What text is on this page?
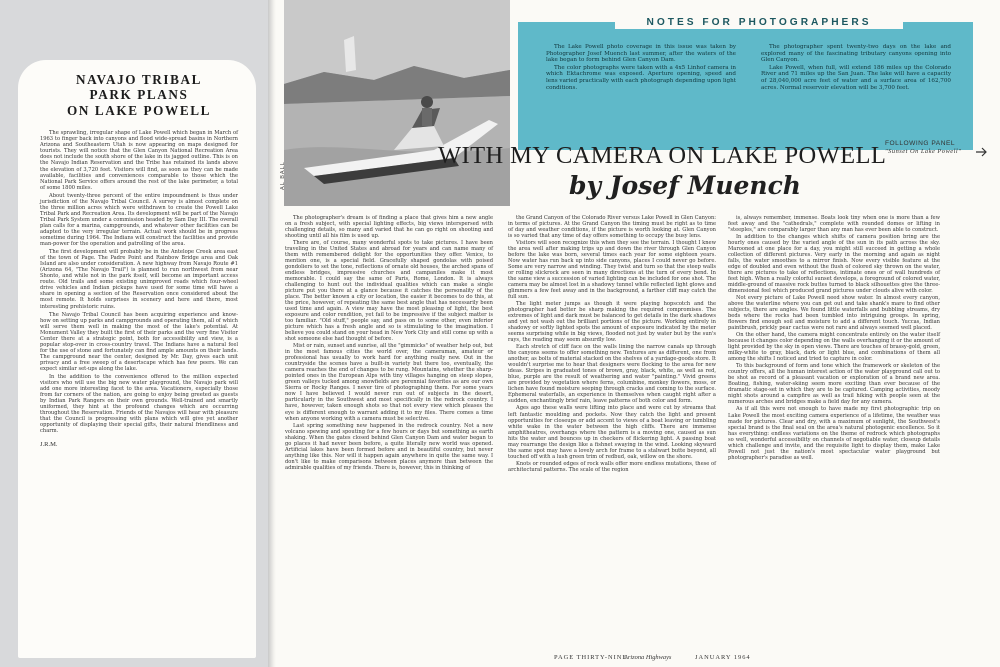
NAVAJO TRIBAL
PARK PLANS
ON LAKE POWELL

The sprawling, irregular shape of Lake Powell which began in March of 1963 to finger back into canyons and flood wide-spread basins in Northern Arizona and Southeastern Utah is now appearing on maps designed for tourists. They will notice that the Glen Canyon National Recreation Area does not include the south shore of the lake in its jagged outline. This is on the Navajo Indian Reservation and the Tribe has retained its lands above the elevation of 3,720 feet. Visitors will find, as soon as they can be made available, facilities and conveniences comparable to those which the National Park Service offers around the rest of the lake perimeter, a total of some 1800 miles.

About twenty-three percent of the entire impoundment is thus under jurisdiction of the Navajo Tribal Council. A survey is almost complete on the three million acres which were withdrawn to create the Powell Lake Tribal Park and Recreation Area. Its development will be part of the Navajo Tribal Park System under a commission headed by Sam Day III. The overall plan calls for a marina, campgrounds, and whatever other facilities can be adapted to the very irregular terrain. Actual work should be in progress sometime during 1964. The Indians will construct the facilities and provide man-power for the operation and patrolling of the area.

The first development will probably be in the Antelope Creek area east of the town of Page. The Padre Point and Rainbow Bridge area and Oak Island are also under consideration. A new highway from Navajo Route #1 (Arizona 64, "The Navajo Trail") is planned to run northwest from near Shonto, and while not in the park itself, will become an important access route. Old trails and some existing unimproved roads which four-wheel drive vehicles and Indian pickups have used for some time will have a share in opening a section of the Reservation once considered about the most remote. It holds surprises in scenery and here and there, most interesting prehistoric ruins.

The Navajo Tribal Council has been acquiring experience and know-how on setting up parks and campgrounds and operating them, all of which will serve them well in making the most of the lake's potential. At Monument Valley they built the first of their parks and the very fine Visitor Center there at a strategic point, both for accessibility and view, is a popular stop-over in cross-country travel. The Indians have a natural feel for the use of stone and fortunately can find ample amounts on their lands. The campground near the center, designed by Mr. Day, gives each unit privacy and a free sweep of a desertscape which has few peers. We can expect similar set-ups along the lake.

In the addition to the convenience offered to the million expected visitors who will use the big new water playground, the Navajo park will add one more interesting facet to the area. Vacationers, especially those from far corners of the nation, are going to enjoy being greeted as guests by Indian Park Rangers on their own grounds. Well-trained and smartly uniformed, they hint at the profound changes which are occurring throughout the Reservation. Friends of the Navajos will hear with pleasure that the Council is progressing with plans which will give yet another opportunity of displaying their special gifts, their natural friendliness and charm.

J.R.M.
AL BALL
NOTES FOR PHOTOGRAPHERS

The Lake Powell photo coverage in this issue was taken by Photographer Josef Muench last summer, after the waters of the lake began to form behind Glen Canyon Dam.

The color photographs were taken with a 4x5 Linhof camera in which Ektachrome was exposed. Aperture opening, speed and lens varied practically with each photograph depending upon light conditions.

The photographer spent twenty-two days on the lake and explored many of the fascinating tributary canyons opening into Glen Canyon.

Lake Powell, when full, will extend 186 miles up the Colorado River and 71 miles up the San Juan. The lake will have a capacity of 28,040,000 acre feet of water and a surface area of 162,700 acres. Normal reservoir elevation will be 3,700 feet.

FOLLOWING PANEL
"Sunset On Lake Powell"
WITH MY CAMERA ON LAKE POWELL
by Josef Muench

The photographer's dream is of finding a place that gives him a new angle on a fresh subject, with special lighting effects, big views interspersed with challenging details, so many and varied that he can go right on shooting and shooting until all his film is used up.

There are, of course, many wonderful spots to take pictures. I have been traveling in the United States and abroad for years and can name many of them with remembered delight for the opportunities they offer. Venice, to mention one, is a special field. Gracefully shaped gondolas with poised gondoliers to set the tone, reflections of ornate old houses, the arched spans of endless bridges, impressive churches and campaniles make it most memorable. I could say the same of Paris, Rome, London. It is always challenging to hunt out the individual qualities which can make a single picture put you there at a glance because it catches the personality of the place. The better known a city or location, the easier it becomes to do this, at the price, however, of repeating the same best angle that has necessarily been used time and again. A view may have the most pleasing of light, the best exposure and color rendition, yet fail to be impressive if the subject matter is too familiar. "Old stuff," people say, and pass on to some other, even inferior picture which has a fresh angle and so is stimulating to the imagination. I believe you could stand on your head in New York City and still come up with a shot someone else had thought of before.

Mist or rain, sunset and sunrise, all the "gimmicks" of weather help out, but in the most famous cities the world over, the cameraman, amateur or professional has usually to work hard for anything really new. Out in the countryside the scenes have a built-in variety but there too, eventually, the camera reaches the end of changes to be rung. Mountains, whether the sharp-pointed ones in the European Alps with tiny villages hanging on steep slopes, green valleys tucked among snowfields are perennial favorites as are our own Sierra or Rocky Ranges. I never tire of photographing them. For some years now I have believed I would never run out of subjects in the desert, particularly in the Southwest and most specifically in the redrock country. I have, however, taken enough shots so that not every view which pleases the eye is different enough to warrant adding it to my files. There comes a time when anyone working with a camera must be selective.

Last spring something new happened in the redrock country. Not a new volcano spewing and spouting for a few hours or days but something as earth shaking. When the gates closed behind Glen Canyon Dam and water began to go places it had never been before, a quite literally new world was opened. Artificial lakes have been formed before and in beautiful country, but never anything like this. Nor will it happen again anywhere in quite the same way. I don't like to make comparisons between places anymore than between the admirable qualities of my friends. There is, however, this in thinking of

the Grand Canyon of the Colorado River versus Lake Powell in Glen Canyon: in terms of pictures. At the Grand Canyon the timing must be right as to time of day and weather conditions, if the picture is worth looking at. Glen Canyon is so varied that any time of day offers something to occupy the busy lens.

Visitors will soon recognize this when they see the terrain. I thought I knew the area well after making trips up and down the river through Glen Canyon before the lake was born, several times each year for some eighteen years. Now water has run back up into side canyons, places I could never go before. Some are very narrow and winding. They twist and turn so that the steep walls or rolling slickrock are seen in many directions at the turn of every bend. In the same view a succession of varied lighting can be included for one shot. The camera may be almost lost in a shadowy tunnel while reflected light glows and glimmers a few feet away and in the background, a farther cliff may catch the full sun.

The light meter jumps as though it were playing hopscotch and the photographer had better be sharp making the required compromises. The extremes of light and dark must be balanced to get details in the dark shadows and yet not wash out the brilliant portions of the picture. Working entirely in shadowy or softly lighted spots the amount of exposure indicated by the meter seems surprising while in big views, flooded not just by water but by the sun's rays, the reading may seem absurdly low.

Each stretch of cliff face on the walls lining the narrow canals up through the canyons seems to offer something new. Textures are as different, one from another, as bolts of material stacked on the shelves of a yardage-goods store. It wouldn't surprise me to hear that designers were flocking to the area for new ideas. Stripes in graduated tones of brown, gray, black, white, as well as red, blue, purple are the result of weathering and water "painting." Vivid greens are provided by vegetation where ferns, columbine, monkey flowers, moss, or lichen have found moisture seeping through cracks and coming to the surface. Ephemeral waterfalls, an experience in themselves when caught right after a sudden, enchantingly brief rain, leave patterns of both color and form.

Ages ago these walls were lifting into place and were cut by streams that left fantastic moulding and pockets. Now they catch the light and present opportunities for closeups or add accent to views of a boat leaving or tumbling white wake in the water between the high cliffs. There are immense amphitheatres, overhangs where the pattern is a moving one, caused as sun hits the water and bounces up in checkers of flickering light. A passing boat may rearrange the design like a fishnet swaying in the wind. Looking skyward the same spot may have a lovely arch for frame to a stalwart butte beyond, all touched off with a lush green trim of redbud, oak, willow on the shore.

Knots or rounded edges of rock walls offer more endless mutations, these of architectural patterns. The scale of the region

is, always remember, immense. Boats look tiny when one is more than a few feet away and the "cathedrals," complete with rounded domes or lifting in "steeples," are comparably larger than any man has ever been able to construct.

In addition to the changes which shifts of camera position bring are the hourly ones caused by the varied angle of the sun in its path across the sky. Marooned at one place for a day, you might still succeed in getting a whole collection of different pictures. Very early in the morning and again as night falls, the water smoothes to a mirror finish. Now every visible feature at the edge of doubled and even without the flush of colored sky thrown on the water, there are pictures to take of reflections, intimate ones or of wall hundreds of feet high. When a really colorful sunset develops, a foreground of colored water, middle-ground of massive rock buttes turned to black silhouettes give the three-dimensional feel which produced grand pictures under clouds alive with color.

Not every picture of Lake Powell need show water. In almost every canyon, above the waterline where you can get out and take shank's mare to find other subjects, there are angles. We found little waterfalls and bubbling streams, dry beds where the rocks had been tumbled into intriguing groups. In spring, flowers find enough soil and moisture to add a different touch. Yuccas, Indian paintbrush, prickly pear cactus were not rare and always seemed well placed.

On the other hand, the camera might concentrate entirely on the water itself because it changes color depending on the walls overhanging it or the amount of light provided by the sky in open views. There are touches of brassy-gold, green, milky-white to gray, black, dark or light blue, and combinations of them all among the shifts I noticed and tried to capture in color.

To this background of form and tone which the framework or skeleton of the country offers, all the human interest action of the water playground call out to be shot as record of a pleasant vacation or exploration of a brand new area. Boating, fishing, water-skiing seem more exciting than ever because of the dramatic stage-set in which they are to be captured. Camping activities, moody night shots around a campfire as well as trail hiking with people seen at the numerous arches and bridges make a field day for any camera.

As if all this were not enough to have made my first photographic trip on Lake Powell the most exciting camera experience of a lifetime, the weather was made for pictures. Clear and dry, with a maximum of sunlight, the Southwest's special brand is the final seal on the area's natural photogenic excellence. So it has everything: endless variations on the theme of redrock which photographs so well, wonderful accessibility on channels of negotiable water, closeup details which challenge and invite, and the requisite light to display them, make Lake Powell not just the nation's most spectacular water playground but photographer's paradise as well.

PAGE THIRTY-NINE
Arizona Highways	JANUARY 1964
